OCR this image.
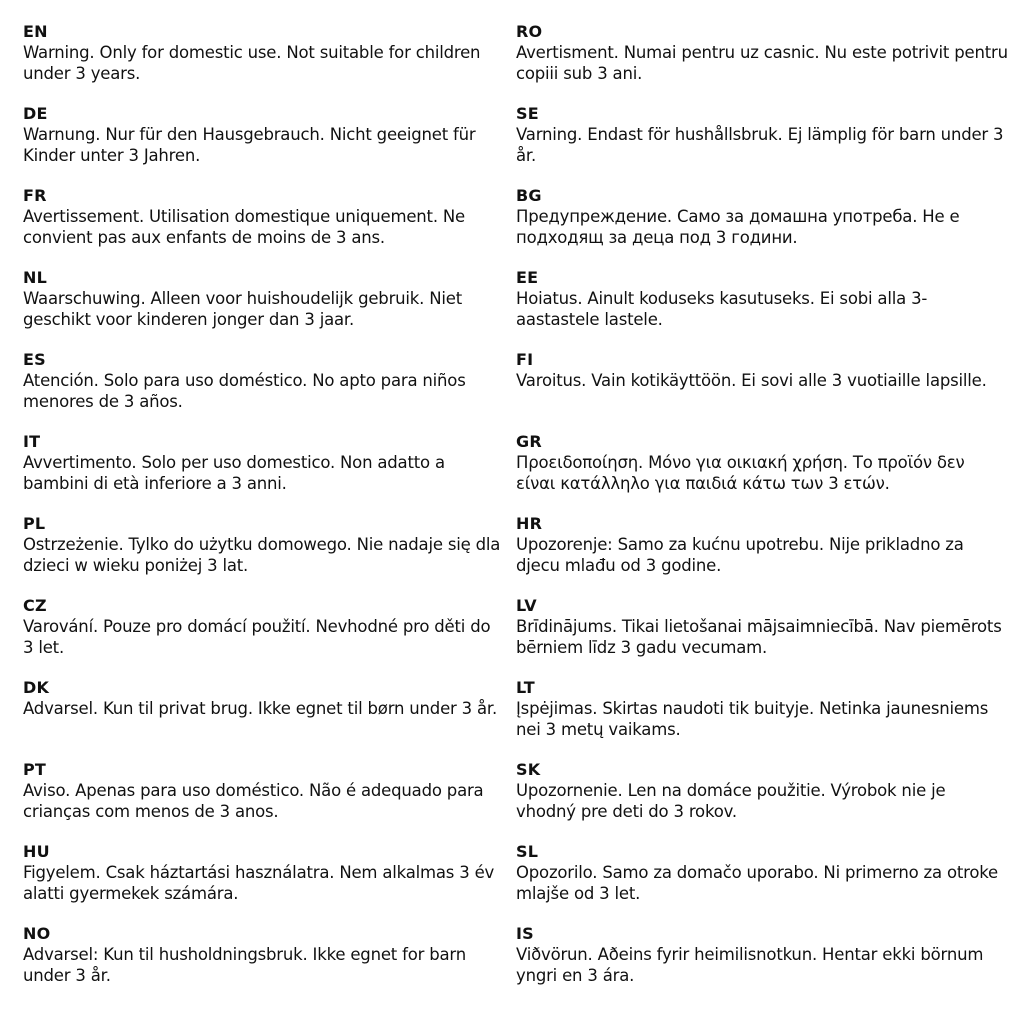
EN
Warning. Only for domestic use. Not suitable for children under 3 years.
DE
Warnung. Nur für den Hausgebrauch. Nicht geeignet für Kinder unter 3 Jahren.
FR
Avertissement. Utilisation domestique uniquement. Ne convient pas aux enfants de moins de 3 ans.
NL
Waarschuwing. Alleen voor huishoudelijk gebruik. Niet geschikt voor kinderen jonger dan 3 jaar.
ES
Atención. Solo para uso doméstico. No apto para niños menores de 3 años.
IT
Avvertimento. Solo per uso domestico. Non adatto a bambini di età inferiore a 3 anni.
PL
Ostrzeżenie. Tylko do użytku domowego. Nie nadaje się dla dzieci w wieku poniżej 3 lat.
CZ
Varování. Pouze pro domácí použití. Nevhodné pro děti do 3 let.
DK
Advarsel. Kun til privat brug. Ikke egnet til børn under 3 år.
PT
Aviso. Apenas para uso doméstico. Não é adequado para crianças com menos de 3 anos.
HU
Figyelem. Csak háztartási használatra. Nem alkalmas 3 év alatti gyermekek számára.
NO
Advarsel: Kun til husholdningsbruk. Ikke egnet for barn under 3 år.
RO
Avertisment. Numai pentru uz casnic. Nu este potrivit pentru copiii sub 3 ani.
SE
Varning. Endast för hushållsbruk. Ej lämplig för barn under 3 år.
BG
Предупреждение. Само за домашна употреба. Не е подходящ за деца под 3 години.
EE
Hoiatus. Ainult koduseks kasutuseks. Ei sobi alla 3-aastastele lastele.
FI
Varoitus. Vain kotikäyttöön. Ei sovi alle 3 vuotiaille lapsille.
GR
Προειδοποίηση. Μόνο για οικιακή χρήση. Το προϊόν δεν είναι κατάλληλο για παιδιά κάτω των 3 ετών.
HR
Upozorenje: Samo za kućnu upotrebu. Nije prikladno za djecu mlađu od 3 godine.
LV
Brīdinājums. Tikai lietošanai mājsaimniecībā. Nav piemērots bērniem līdz 3 gadu vecumam.
LT
Įspėjimas. Skirtas naudoti tik buityje. Netinka jaunesniems nei 3 metų vaikams.
SK
Upozornenie. Len na domáce použitie. Výrobok nie je vhodný pre deti do 3 rokov.
SL
Opozorilo. Samo za domačo uporabo. Ni primerno za otroke mlajše od 3 let.
IS
Viðvörun. Aðeins fyrir heimilisnotkun. Hentar ekki börnum yngri en 3 ára.
